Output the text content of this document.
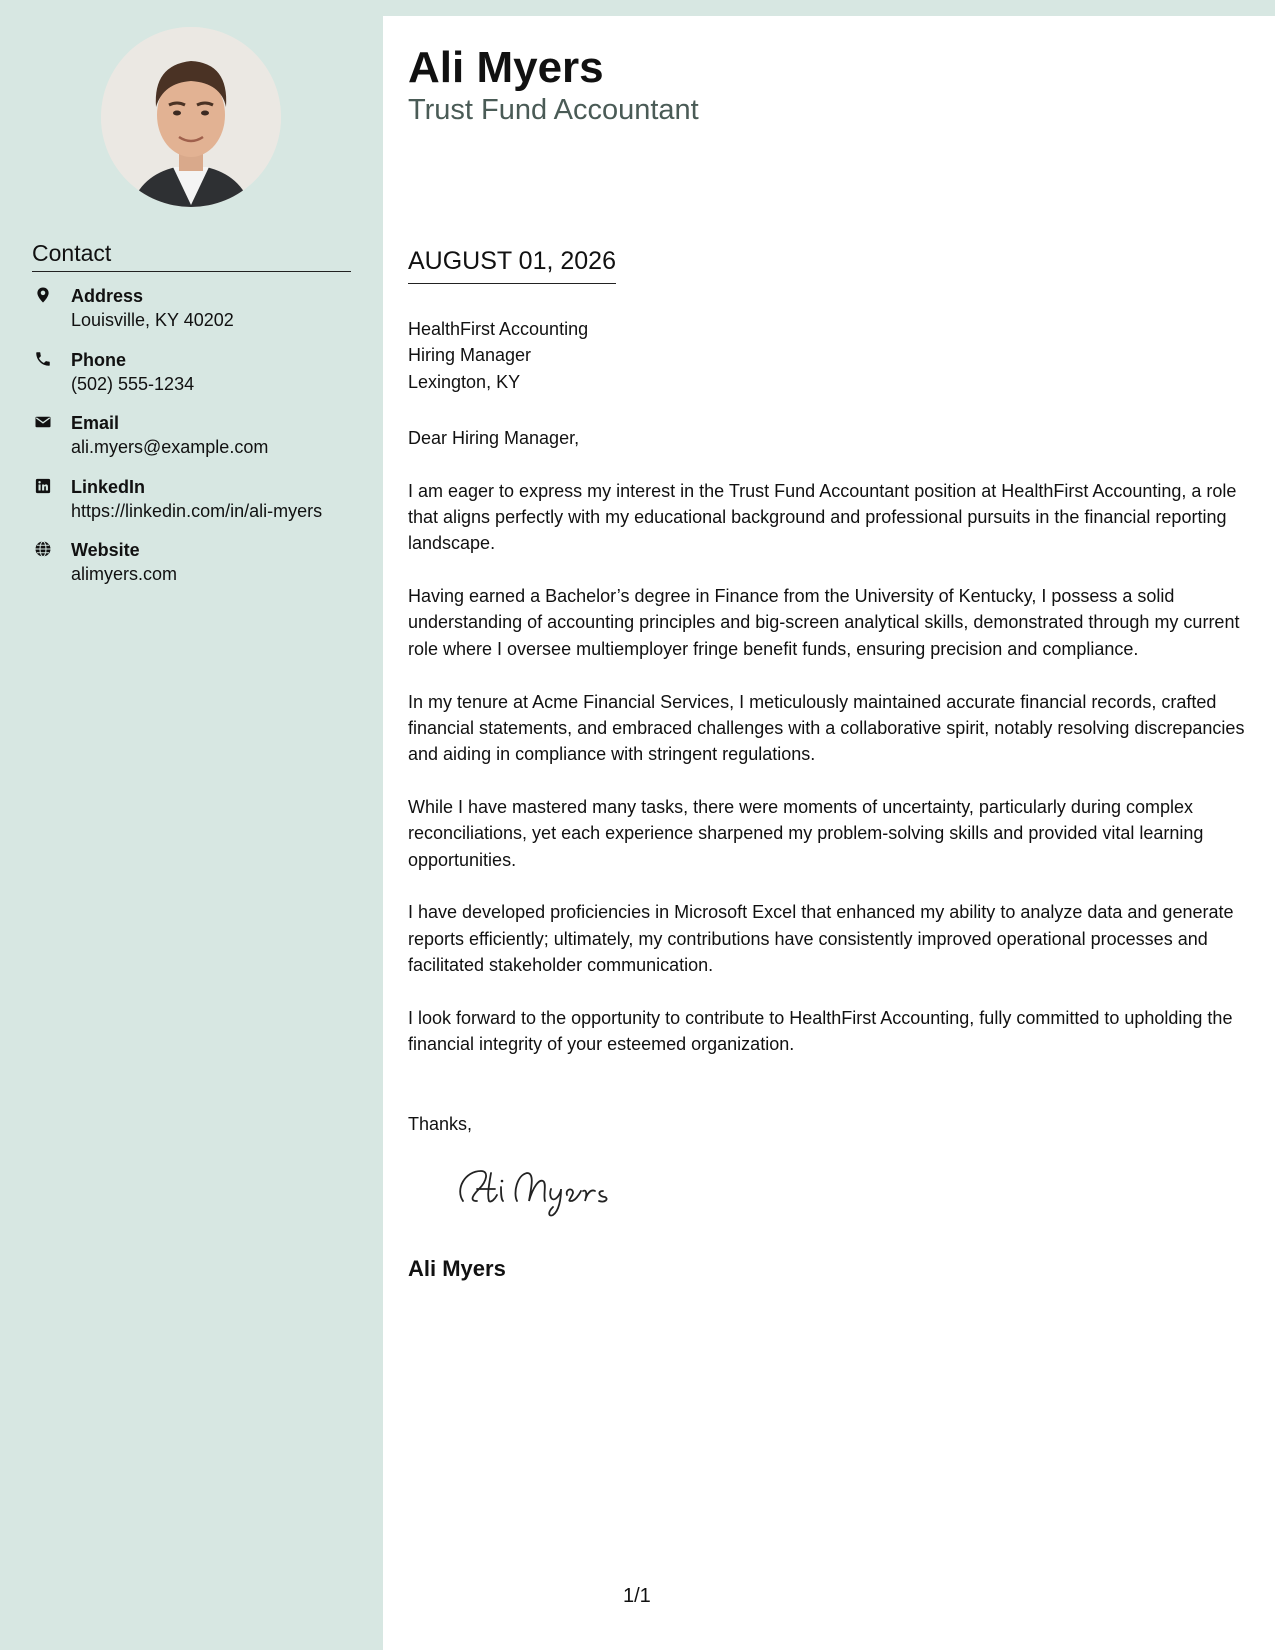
Contact
Address
Louisville, KY 40202
Phone
(502) 555-1234
Email
ali.myers@example.com
LinkedIn
https://linkedin.com/in/ali-myers
Website
alimyers.com
Ali Myers
Trust Fund Accountant
AUGUST 01, 2026
HealthFirst Accounting
Hiring Manager
Lexington, KY

Dear Hiring Manager,

I am eager to express my interest in the Trust Fund Accountant position at HealthFirst Accounting, a role that aligns perfectly with my educational background and professional pursuits in the financial reporting landscape.

Having earned a Bachelor’s degree in Finance from the University of Kentucky, I possess a solid understanding of accounting principles and big-screen analytical skills, demonstrated through my current role where I oversee multiemployer fringe benefit funds, ensuring precision and compliance.

In my tenure at Acme Financial Services, I meticulously maintained accurate financial records, crafted financial statements, and embraced challenges with a collaborative spirit, notably resolving discrepancies and aiding in compliance with stringent regulations.

While I have mastered many tasks, there were moments of uncertainty, particularly during complex reconciliations, yet each experience sharpened my problem-solving skills and provided vital learning opportunities.

I have developed proficiencies in Microsoft Excel that enhanced my ability to analyze data and generate reports efficiently; ultimately, my contributions have consistently improved operational processes and facilitated stakeholder communication.

I look forward to the opportunity to contribute to HealthFirst Accounting, fully committed to upholding the financial integrity of your esteemed organization.

Thanks,
Ali Myers
1/1
